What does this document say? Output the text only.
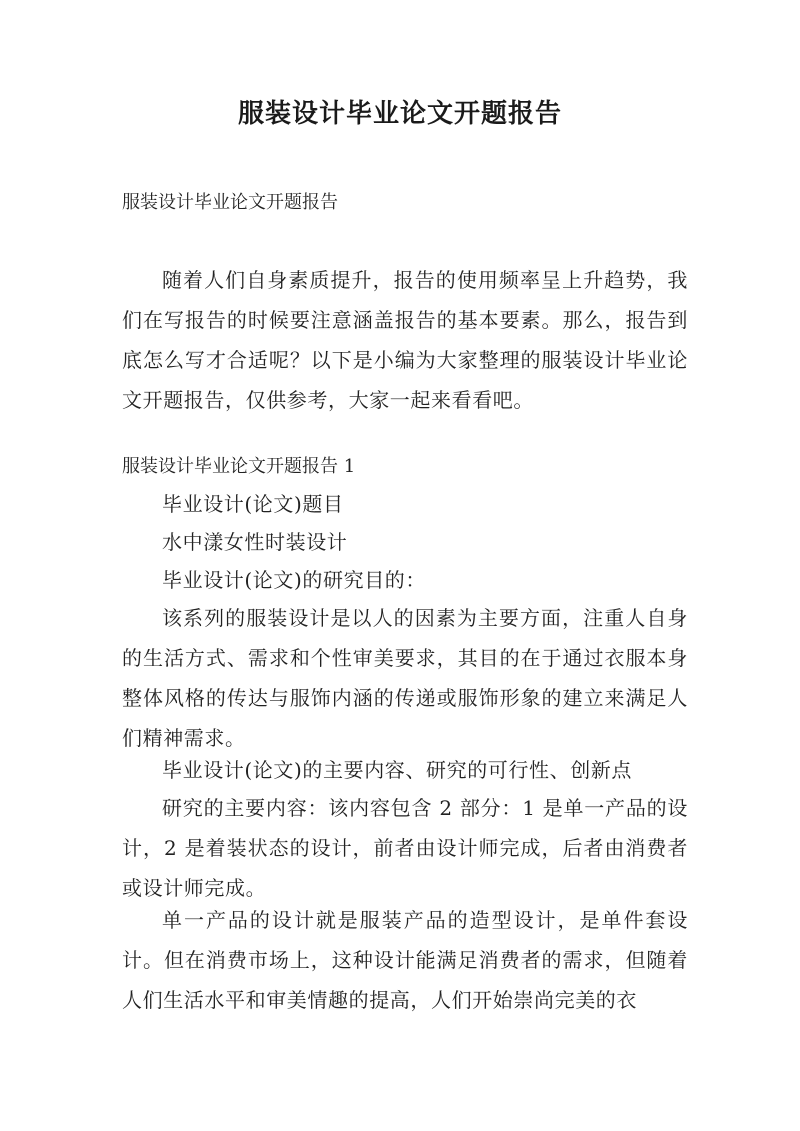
服装设计毕业论文开题报告
服装设计毕业论文开题报告
随着人们自身素质提升，报告的使用频率呈上升趋势，我们在写报告的时候要注意涵盖报告的基本要素。那么，报告到底怎么写才合适呢？以下是小编为大家整理的服装设计毕业论文开题报告，仅供参考，大家一起来看看吧。
服装设计毕业论文开题报告 1
毕业设计(论文)题目
水中漾女性时装设计
毕业设计(论文)的研究目的：
该系列的服装设计是以人的因素为主要方面，注重人自身的生活方式、需求和个性审美要求，其目的在于通过衣服本身整体风格的传达与服饰内涵的传递或服饰形象的建立来满足人们精神需求。
毕业设计(论文)的主要内容、研究的可行性、创新点
研究的主要内容：该内容包含 2 部分：1 是单一产品的设计，2 是着装状态的设计，前者由设计师完成，后者由消费者或设计师完成。
单一产品的设计就是服装产品的造型设计，是单件套设计。但在消费市场上，这种设计能满足消费者的需求，但随着人们生活水平和审美情趣的提高，人们开始崇尚完美的衣
